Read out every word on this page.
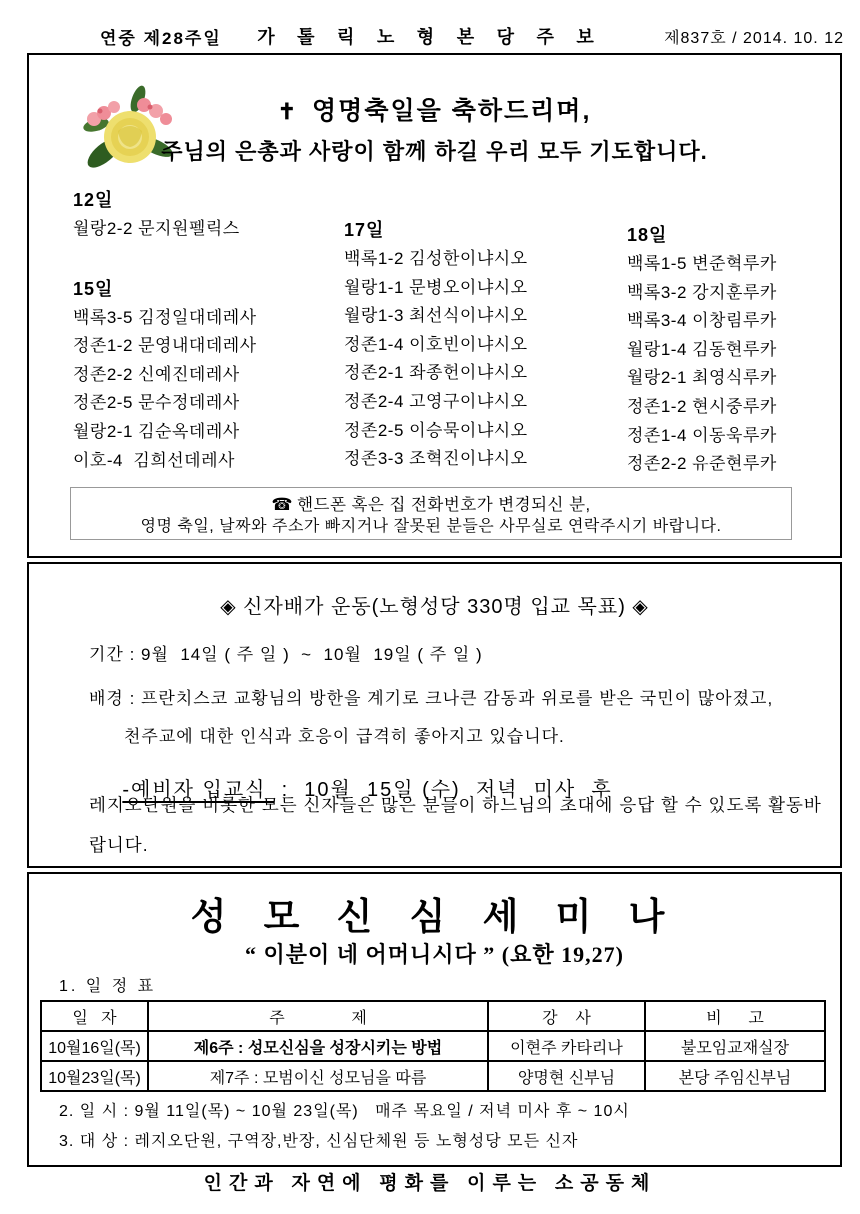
연중 제28주일	가 톨 릭 노 형 본 당 주 보	제837호 / 2014. 10. 12
✝ 영명축일을 축하드리며,
주님의 은총과 사랑이 함께 하길 우리 모두 기도합니다.
12일
월랑2-2 문지원펠릭스
15일
백록3-5 김정일대데레사
정존1-2 문영내대데레사
정존2-2 신예진데레사
정존2-5 문수정데레사
월랑2-1 김순옥데레사
이호-4  김희선데레사
17일
백록1-2 김성한이냐시오
월랑1-1 문병오이냐시오
월랑1-3 최선식이냐시오
정존1-4 이호빈이냐시오
정존2-1 좌종헌이냐시오
정존2-4 고영구이냐시오
정존2-5 이승묵이냐시오
정존3-3 조혁진이냐시오
18일
백록1-5 변준혁루카
백록3-2 강지훈루카
백록3-4 이창림루카
월랑1-4 김동현루카
월랑2-1 최영식루카
정존1-2 현시중루카
정존1-4 이동욱루카
정존2-2 유준현루카
☎ 핸드폰 혹은 집 전화번호가 변경되신 분,
영명 축일, 날짜와 주소가 빠지거나 잘못된 분들은 사무실로 연락주시기 바랍니다.
◈ 신자배가 운동(노형성당 330명 입교 목표) ◈
기간 : 9월  14일 ( 주 일 )  ~  10월  19일 ( 주 일 )
배경 : 프란치스코 교황님의 방한을 계기로 크나큰 감동과 위로를 받은 국민이 많아졌고,
천주교에 대한 인식과 호응이 급격히 좋아지고 있습니다.

-예비자 입교식  :  10월  15일 (수)  저녁  미사  후

레지오단원을 비롯한 모든 신자들은 많은 분들이 하느님의 초대에 응답 할 수 있도록 활동바
랍니다.
성 모 신 심 세 미 나
“ 이분이 네 어머니시다 ” (요한 19,27)
1. 일 정 표
일   자	주               제	강    사	비      고
10월16일(목)	제6주 : 성모신심을 성장시키는 방법	이현주 카타리나	불모임교재실장
10월23일(목)	제7주 : 모범이신 성모님을 따름	양명현 신부님	본당 주임신부님
2. 일 시 : 9월 11일(목) ~ 10월 23일(목)   매주 목요일 / 저녁 미사 후 ~ 10시
3. 대 상 : 레지오단원, 구역장,반장, 신심단체원 등 노형성당 모든 신자
인간과 자연에 평화를 이루는 소공동체
